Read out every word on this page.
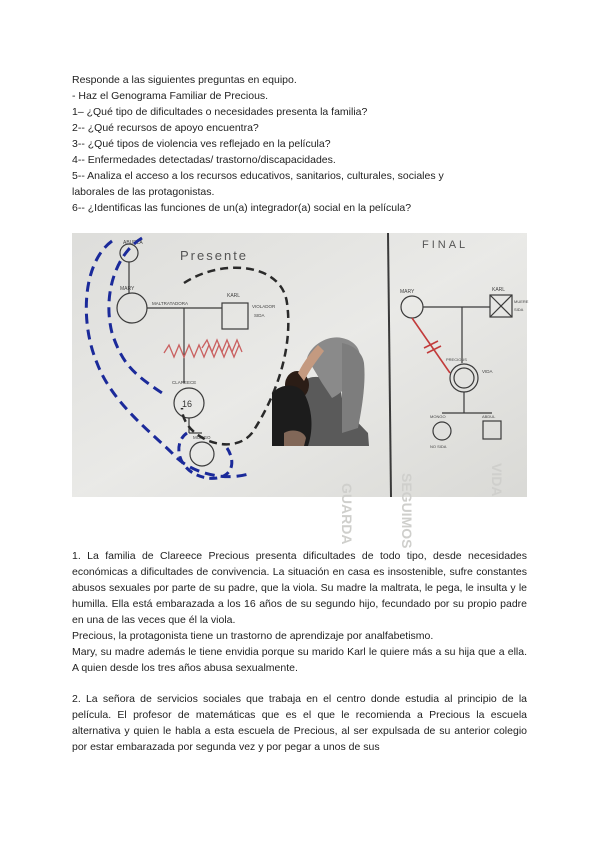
Responde a las siguientes preguntas en equipo.

- Haz el Genograma Familiar de Precious.

1– ¿Qué tipo de dificultades o necesidades presenta la familia?

2-- ¿Qué recursos de apoyo encuentra?

3-- ¿Qué tipos de violencia ves reflejado en la película?

4-- Enfermedades detectadas/ trastorno/discapacidades.

5-- Analiza el acceso a los recursos educativos, sanitarios, culturales, sociales y

laborales de las protagonistas.

6-- ¿Identificas las funciones de un(a) integrador(a) social en la película?

GUARDA	SEGUIMOS	VIDA
Presente
FINAL
ABUELA
MARY
MALTRATADORA
KARL
VIOLADOR
SIDA
CLAREECE
16
MONGO
MARY	KARL
MUERE
SIDA
PRECIOUS
VIDA
MONGO	ABDUL
NO SIDA

1. La familia de Clareece Precious presenta dificultades de todo tipo, desde necesidades económicas a dificultades de convivencia. La situación en casa es insostenible, sufre constantes abusos sexuales por parte de su padre, que la viola. Su madre la maltrata, le pega, le insulta y le humilla. Ella está embarazada a los 16 años de su segundo hijo, fecundado por su propio padre en una de las veces que él la viola.

Precious, la protagonista tiene un trastorno de aprendizaje por analfabetismo.

Mary, su madre además le tiene envidia porque su marido Karl le quiere más a su hija que a ella. A quien desde los tres años abusa sexualmente.

2. La señora de servicios sociales que trabaja en el centro donde estudia al principio de la película. El profesor de matemáticas que es el que le recomienda a Precious la escuela alternativa y quien le habla a esta escuela de Precious, al ser expulsada de su anterior colegio por estar embarazada por segunda vez y por pegar a unos de sus
